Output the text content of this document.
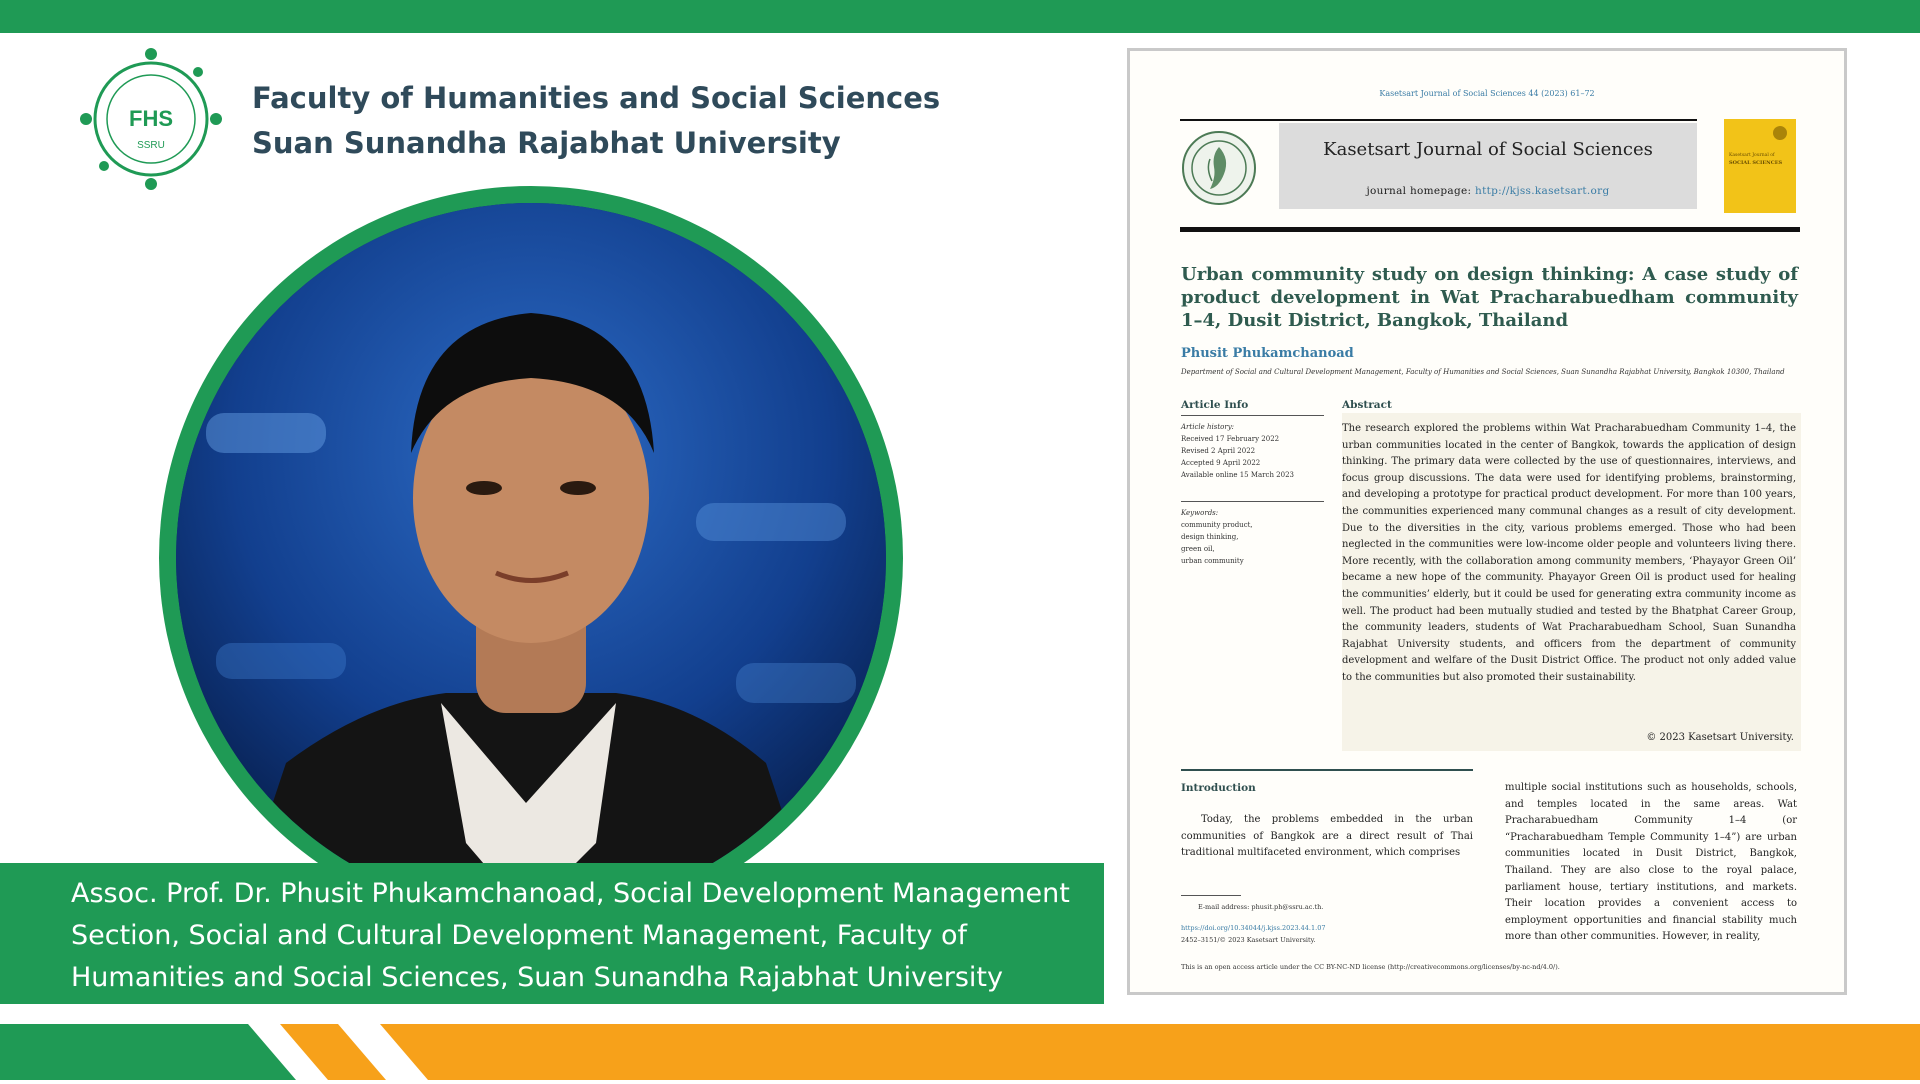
FHS
SSRU
Faculty of Humanities and Social Sciences
Suan Sunandha Rajabhat University
Assoc. Prof. Dr. Phusit Phukamchanoad, Social Development Management
Section, Social and Cultural Development Management, Faculty of
Humanities and Social Sciences, Suan Sunandha Rajabhat University
Kasetsart Journal of Social Sciences 44 (2023) 61–72
Kasetsart Journal of Social Sciences
journal homepage: http://kjss.kasetsart.org
Kasetsart Journal of
SOCIAL SCIENCES
Urban community study on design thinking: A case study of product development in Wat Pracharabuedham community 1–4, Dusit District, Bangkok, Thailand
Phusit Phukamchanoad
Department of Social and Cultural Development Management, Faculty of Humanities and Social Sciences, Suan Sunandha Rajabhat University, Bangkok 10300, Thailand
Article Info
Article history:
Received 17 February 2022
Revised 2 April 2022
Accepted 9 April 2022
Available online 15 March 2023
Keywords:
community product,
design thinking,
green oil,
urban community
Abstract
The research explored the problems within Wat Pracharabuedham Community 1–4, the urban communities located in the center of Bangkok, towards the application of design thinking. The primary data were collected by the use of questionnaires, interviews, and focus group discussions. The data were used for identifying problems, brainstorming, and developing a prototype for practical product development. For more than 100 years, the communities experienced many communal changes as a result of city development. Due to the diversities in the city, various problems emerged. Those who had been neglected in the communities were low-income older people and volunteers living there. More recently, with the collaboration among community members, ‘Phayayor Green Oil’ became a new hope of the community. Phayayor Green Oil is product used for healing the communities’ elderly, but it could be used for generating extra community income as well. The product had been mutually studied and tested by the Bhatphat Career Group, the community leaders, students of Wat Pracharabuedham School, Suan Sunandha Rajabhat University students, and officers from the department of community development and welfare of the Dusit District Office. The product not only added value to the communities but also promoted their sustainability.
© 2023 Kasetsart University.
Introduction
Today, the problems embedded in the urban communities of Bangkok are a direct result of Thai traditional multifaceted environment, which comprises
multiple social institutions such as households, schools, and temples located in the same areas. Wat Pracharabuedham Community 1–4 (or “Pracharabuedham Temple Community 1–4”) are urban communities located in Dusit District, Bangkok, Thailand. They are also close to the royal palace, parliament house, tertiary institutions, and markets. Their location provides a convenient access to employment opportunities and financial stability much more than other communities. However, in reality,
E-mail address: phusit.ph@ssru.ac.th.
https://doi.org/10.34044/j.kjss.2023.44.1.07
2452–3151/© 2023 Kasetsart University.
This is an open access article under the CC BY-NC-ND license (http://creativecommons.org/licenses/by-nc-nd/4.0/).
